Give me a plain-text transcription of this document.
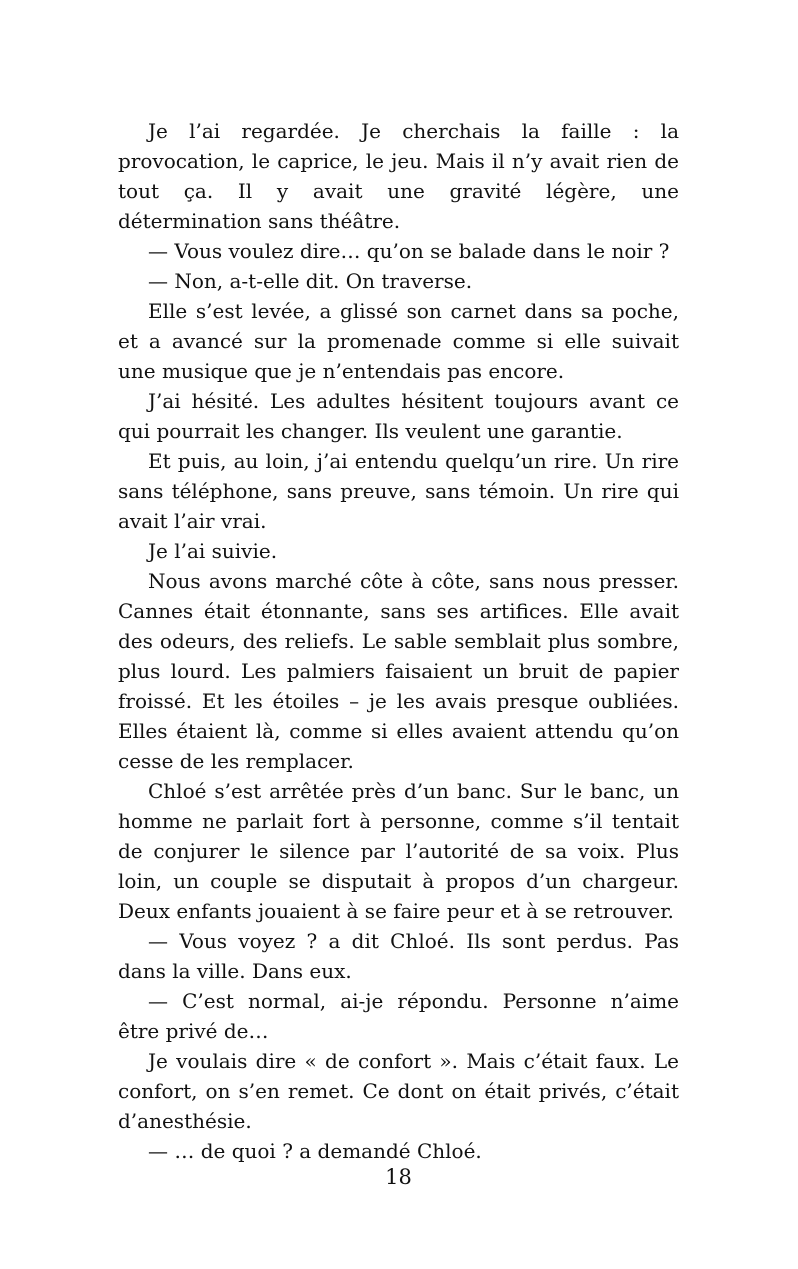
Je l’ai regardée. Je cherchais la faille : la provocation, le caprice, le jeu. Mais il n’y avait rien de tout ça. Il y avait une gravité légère, une détermination sans théâtre.

— Vous voulez dire… qu’on se balade dans le noir ?

— Non, a-t-elle dit. On traverse.

Elle s’est levée, a glissé son carnet dans sa poche, et a avancé sur la promenade comme si elle suivait une musique que je n’entendais pas encore.

J’ai hésité. Les adultes hésitent toujours avant ce qui pourrait les changer. Ils veulent une garantie.

Et puis, au loin, j’ai entendu quelqu’un rire. Un rire sans téléphone, sans preuve, sans témoin. Un rire qui avait l’air vrai.

Je l’ai suivie.

Nous avons marché côte à côte, sans nous presser. Cannes était étonnante, sans ses artifices. Elle avait des odeurs, des reliefs. Le sable semblait plus sombre, plus lourd. Les palmiers faisaient un bruit de papier froissé. Et les étoiles – je les avais presque oubliées. Elles étaient là, comme si elles avaient attendu qu’on cesse de les remplacer.

Chloé s’est arrêtée près d’un banc. Sur le banc, un homme ne parlait fort à personne, comme s’il tentait de conjurer le silence par l’autorité de sa voix. Plus loin, un couple se disputait à propos d’un chargeur. Deux enfants jouaient à se faire peur et à se retrouver.

— Vous voyez ? a dit Chloé. Ils sont perdus. Pas dans la ville. Dans eux.

— C’est normal, ai-je répondu. Personne n’aime être privé de…

Je voulais dire « de confort ». Mais c’était faux. Le confort, on s’en remet. Ce dont on était privés, c’était d’anesthésie.

— … de quoi ? a demandé Chloé.

18
